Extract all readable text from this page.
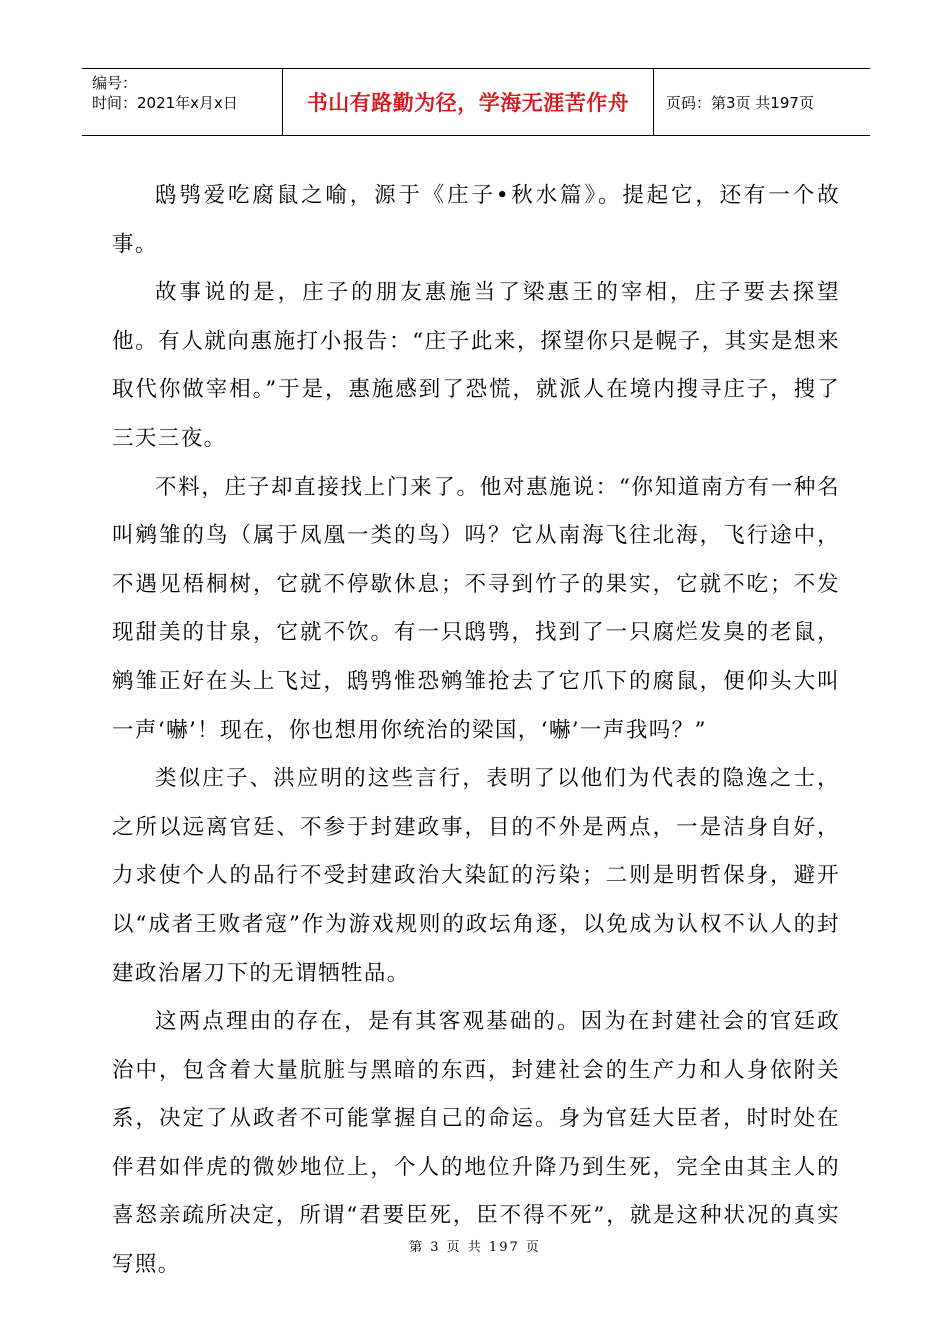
编号：
时间：2021年x月x日	书山有路勤为径，学海无涯苦作舟	页码：第3页 共197页

鸱鸮爱吃腐鼠之喻，源于《庄子•秋水篇》。提起它，还有一个故事。

故事说的是，庄子的朋友惠施当了梁惠王的宰相，庄子要去探望他。有人就向惠施打小报告：“庄子此来，探望你只是幌子，其实是想来取代你做宰相。”于是，惠施感到了恐慌，就派人在境内搜寻庄子，搜了三天三夜。

不料，庄子却直接找上门来了。他对惠施说：“你知道南方有一种名叫鹓雏的鸟（属于凤凰一类的鸟）吗？它从南海飞往北海，飞行途中，不遇见梧桐树，它就不停歇休息；不寻到竹子的果实，它就不吃；不发现甜美的甘泉，它就不饮。有一只鸱鸮，找到了一只腐烂发臭的老鼠，鹓雏正好在头上飞过，鸱鸮惟恐鹓雏抢去了它爪下的腐鼠，便仰头大叫一声‘嚇’！现在，你也想用你统治的梁国，‘嚇’一声我吗？”

类似庄子、洪应明的这些言行，表明了以他们为代表的隐逸之士，之所以远离官廷、不参于封建政事，目的不外是两点，一是洁身自好，力求使个人的品行不受封建政治大染缸的污染；二则是明哲保身，避开以“成者王败者寇”作为游戏规则的政坛角逐，以免成为认权不认人的封建政治屠刀下的无谓牺牲品。

这两点理由的存在，是有其客观基础的。因为在封建社会的官廷政治中，包含着大量肮脏与黑暗的东西，封建社会的生产力和人身依附关系，决定了从政者不可能掌握自己的命运。身为官廷大臣者，时时处在伴君如伴虎的微妙地位上，个人的地位升降乃到生死，完全由其主人的喜怒亲疏所决定，所谓“君要臣死，臣不得不死”，就是这种状况的真实写照。

第 3 页 共 197 页
